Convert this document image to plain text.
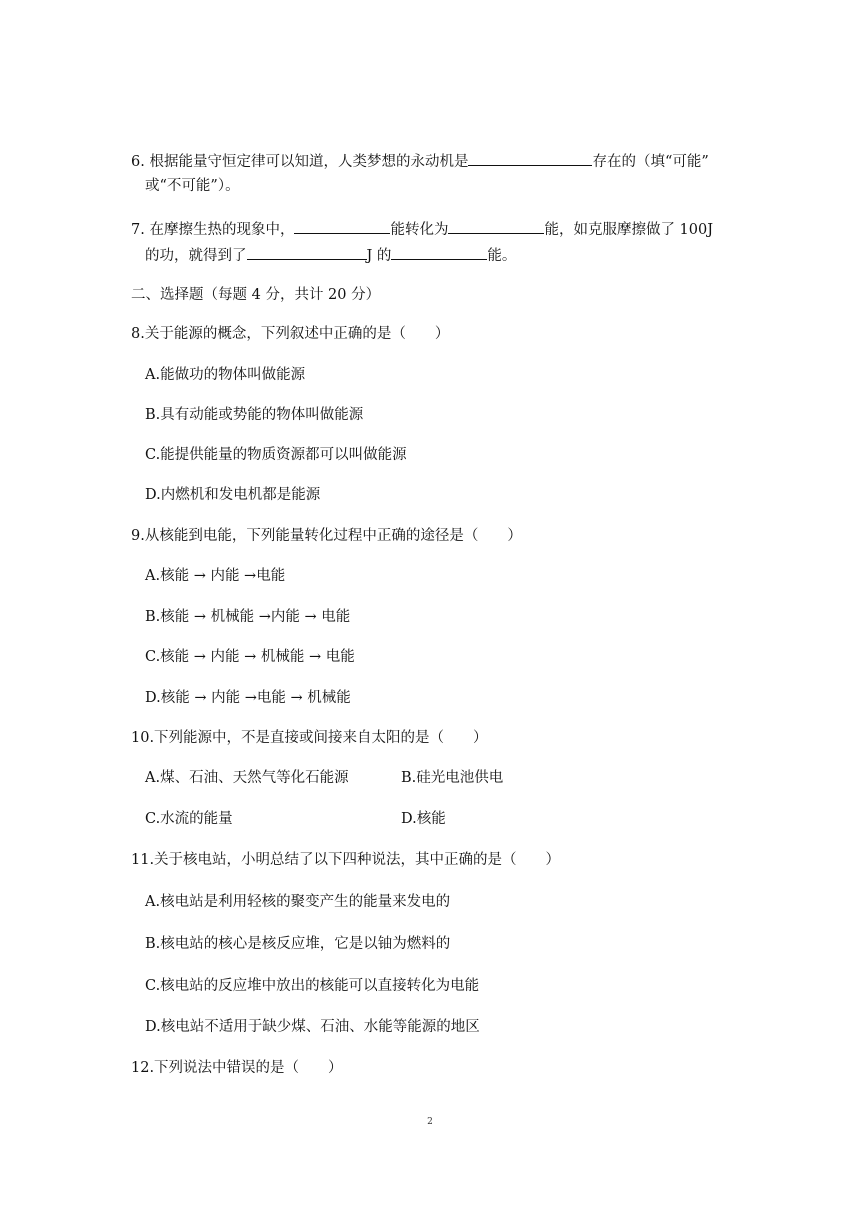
6. 根据能量守恒定律可以知道，人类梦想的永动机是	存在的（填“可能”
或“不可能”）。
7. 在摩擦生热的现象中，	能转化为	能，如克服摩擦做了 100J
的功，就得到了	J 的	能。
二、选择题（每题 4 分，共计 20 分）
8.关于能源的概念，下列叙述中正确的是（　　）
A.能做功的物体叫做能源
B.具有动能或势能的物体叫做能源
C.能提供能量的物质资源都可以叫做能源
D.内燃机和发电机都是能源
9.从核能到电能，下列能量转化过程中正确的途径是（　　）
A.核能 → 内能 →电能
B.核能 → 机械能 →内能 → 电能
C.核能 → 内能 → 机械能 → 电能
D.核能 → 内能 →电能 → 机械能
10.下列能源中，不是直接或间接来自太阳的是（　　）
A.煤、石油、天然气等化石能源	B.硅光电池供电
C.水流的能量	D.核能
11.关于核电站，小明总结了以下四种说法，其中正确的是（　　）
A.核电站是利用轻核的聚变产生的能量来发电的
B.核电站的核心是核反应堆，它是以铀为燃料的
C.核电站的反应堆中放出的核能可以直接转化为电能
D.核电站不适用于缺少煤、石油、水能等能源的地区
12.下列说法中错误的是（　　）
2
